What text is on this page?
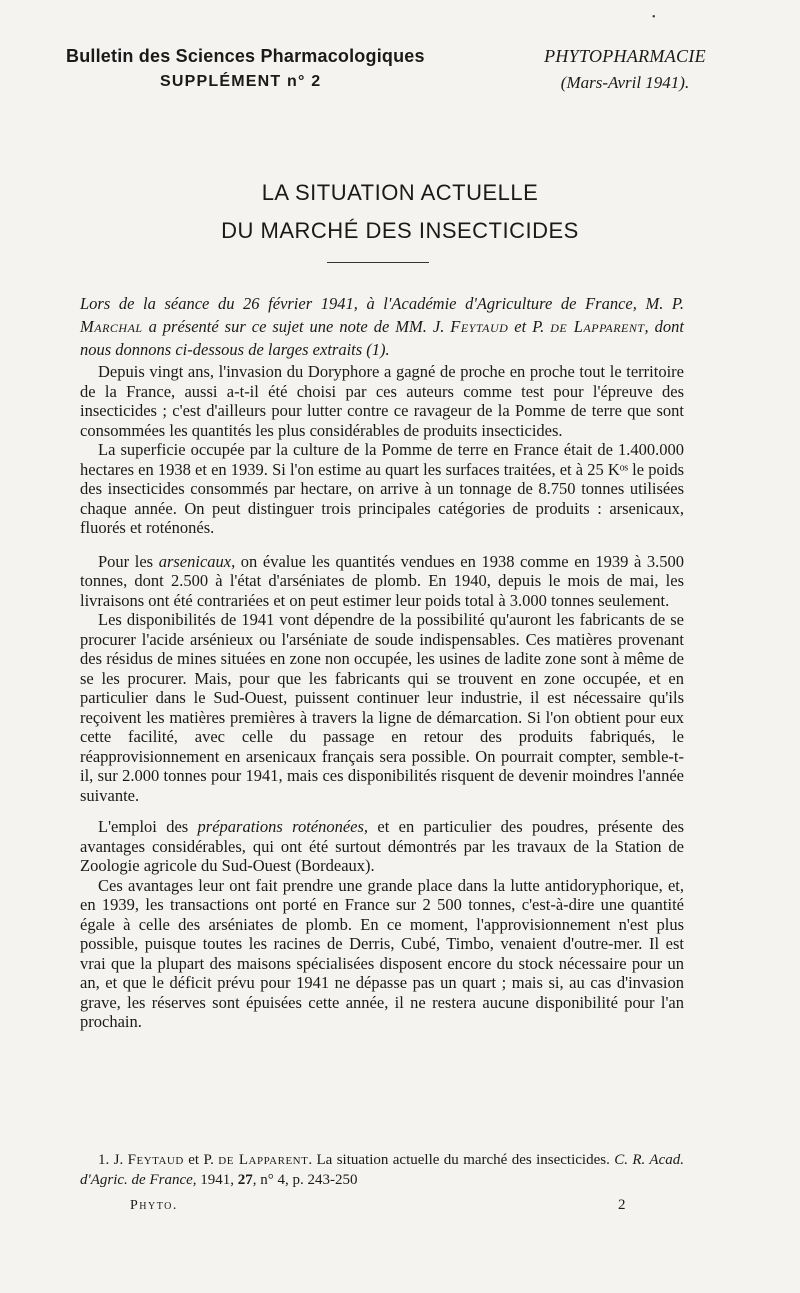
•
Bulletin des Sciences Pharmacologiques
SUPPLÉMENT n° 2
PHYTOPHARMACIE
(Mars-Avril 1941).
LA SITUATION ACTUELLE
DU MARCHÉ DES INSECTICIDES
Lors de la séance du 26 février 1941, à l'Académie d'Agriculture de France, M. P. Marchal a présenté sur ce sujet une note de MM. J. Feytaud et P. de Lapparent, dont nous donnons ci-dessous de larges extraits (1).

Depuis vingt ans, l'invasion du Doryphore a gagné de proche en proche tout le territoire de la France, aussi a-t-il été choisi par ces auteurs comme test pour l'épreuve des insecticides ; c'est d'ailleurs pour lutter contre ce ravageur de la Pomme de terre que sont consommées les quantités les plus considérables de produits insecticides.

La superficie occupée par la culture de la Pomme de terre en France était de 1.400.000 hectares en 1938 et en 1939. Si l'on estime au quart les surfaces traitées, et à 25 Kᵒˢ le poids des insecticides consommés par hectare, on arrive à un tonnage de 8.750 tonnes utilisées chaque année. On peut distinguer trois principales catégories de produits : arsenicaux, fluorés et roténonés.

Pour les arsenicaux, on évalue les quantités vendues en 1938 comme en 1939 à 3.500 tonnes, dont 2.500 à l'état d'arséniates de plomb. En 1940, depuis le mois de mai, les livraisons ont été contrariées et on peut estimer leur poids total à 3.000 tonnes seulement.

Les disponibilités de 1941 vont dépendre de la possibilité qu'auront les fabricants de se procurer l'acide arsénieux ou l'arséniate de soude indispensables. Ces matières provenant des résidus de mines situées en zone non occupée, les usines de ladite zone sont à même de se les procurer. Mais, pour que les fabricants qui se trouvent en zone occupée, et en particulier dans le Sud-Ouest, puissent continuer leur industrie, il est nécessaire qu'ils reçoivent les matières premières à travers la ligne de démarcation. Si l'on obtient pour eux cette facilité, avec celle du passage en retour des produits fabriqués, le réapprovisionnement en arsenicaux français sera possible. On pourrait compter, semble-t-il, sur 2.000 tonnes pour 1941, mais ces disponibilités risquent de devenir moindres l'année suivante.

L'emploi des préparations roténonées, et en particulier des poudres, présente des avantages considérables, qui ont été surtout démontrés par les travaux de la Station de Zoologie agricole du Sud-Ouest (Bordeaux).

Ces avantages leur ont fait prendre une grande place dans la lutte antidoryphorique, et, en 1939, les transactions ont porté en France sur 2 500 tonnes, c'est-à-dire une quantité égale à celle des arséniates de plomb. En ce moment, l'approvisionnement n'est plus possible, puisque toutes les racines de Derris, Cubé, Timbo, venaient d'outre-mer. Il est vrai que la plupart des maisons spécialisées disposent encore du stock nécessaire pour un an, et que le déficit prévu pour 1941 ne dépasse pas un quart ; mais si, au cas d'invasion grave, les réserves sont épuisées cette année, il ne restera aucune disponibilité pour l'an prochain.

1. J. Feytaud et P. de Lapparent. La situation actuelle du marché des insecticides. C. R. Acad. d'Agric. de France, 1941, 27, n° 4, p. 243-250
Phyto.	2
